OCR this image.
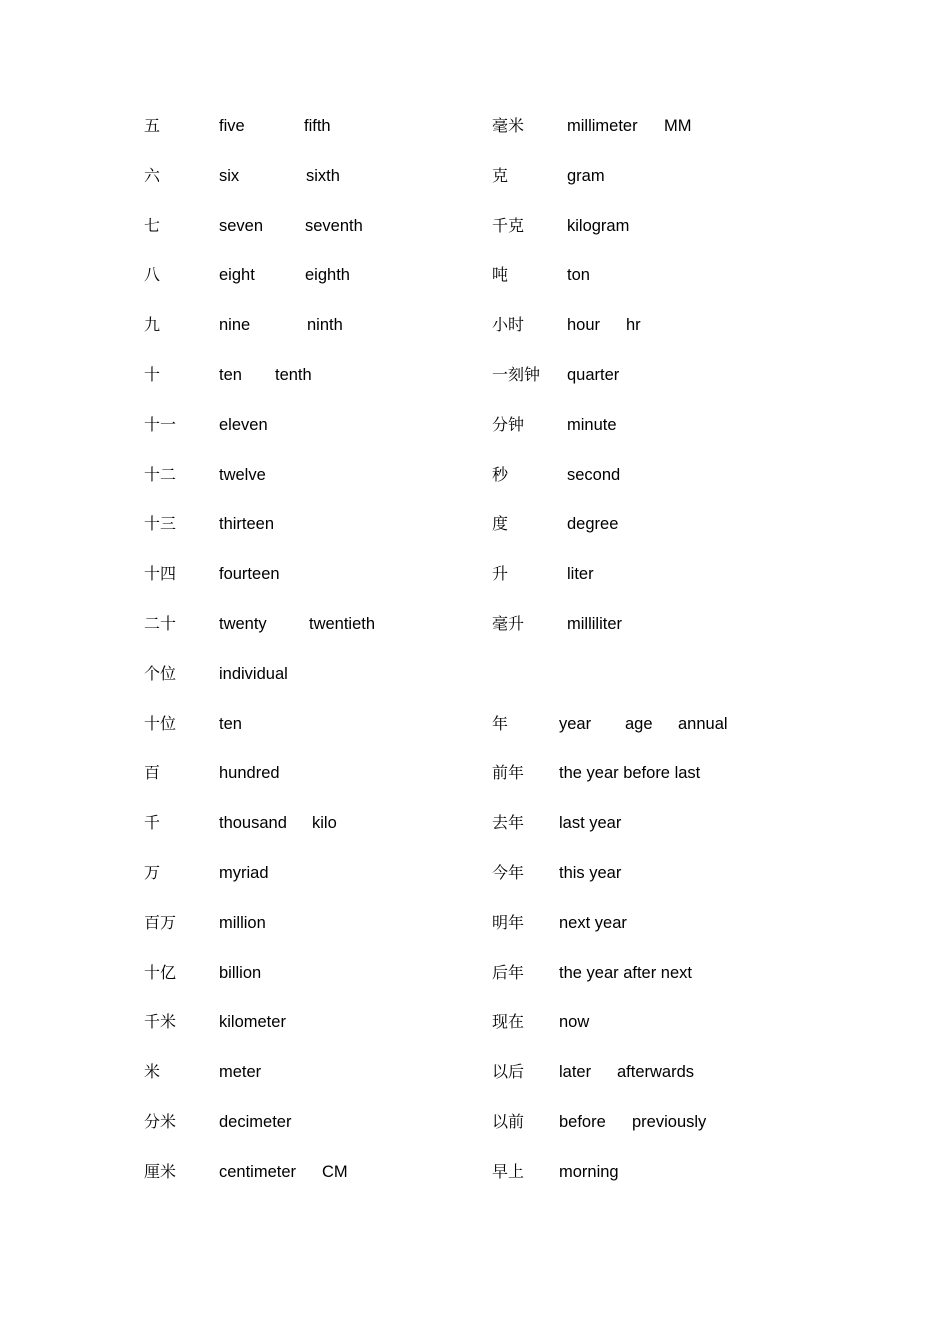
五	five	fifth
六	six	sixth
七	seven	seventh
八	eight	eighth
九	nine	ninth
十	ten tenth
十一	eleven
十二	twelve
十三	thirteen
十四	fourteen
二十	twenty	twentieth
个位	individual
十位	ten
百	hundred
千	thousand kilo
万	myriad
百万	million
十亿	billion
千米	kilometer
米	meter
分米	decimeter
厘米	centimeter CM
毫米	millimeter MM
克	gram
千克	kilogram
吨	ton
小时	hour hr
一刻钟 quarter
分钟	minute
秒	second
度	degree
升	liter
毫升	milliliter
年	year age annual
前年 the year before last
去年 last year
今年 this year
明年 next year
后年 the year after next
现在 now
以后 later afterwards
以前 before previously
早上 morning
